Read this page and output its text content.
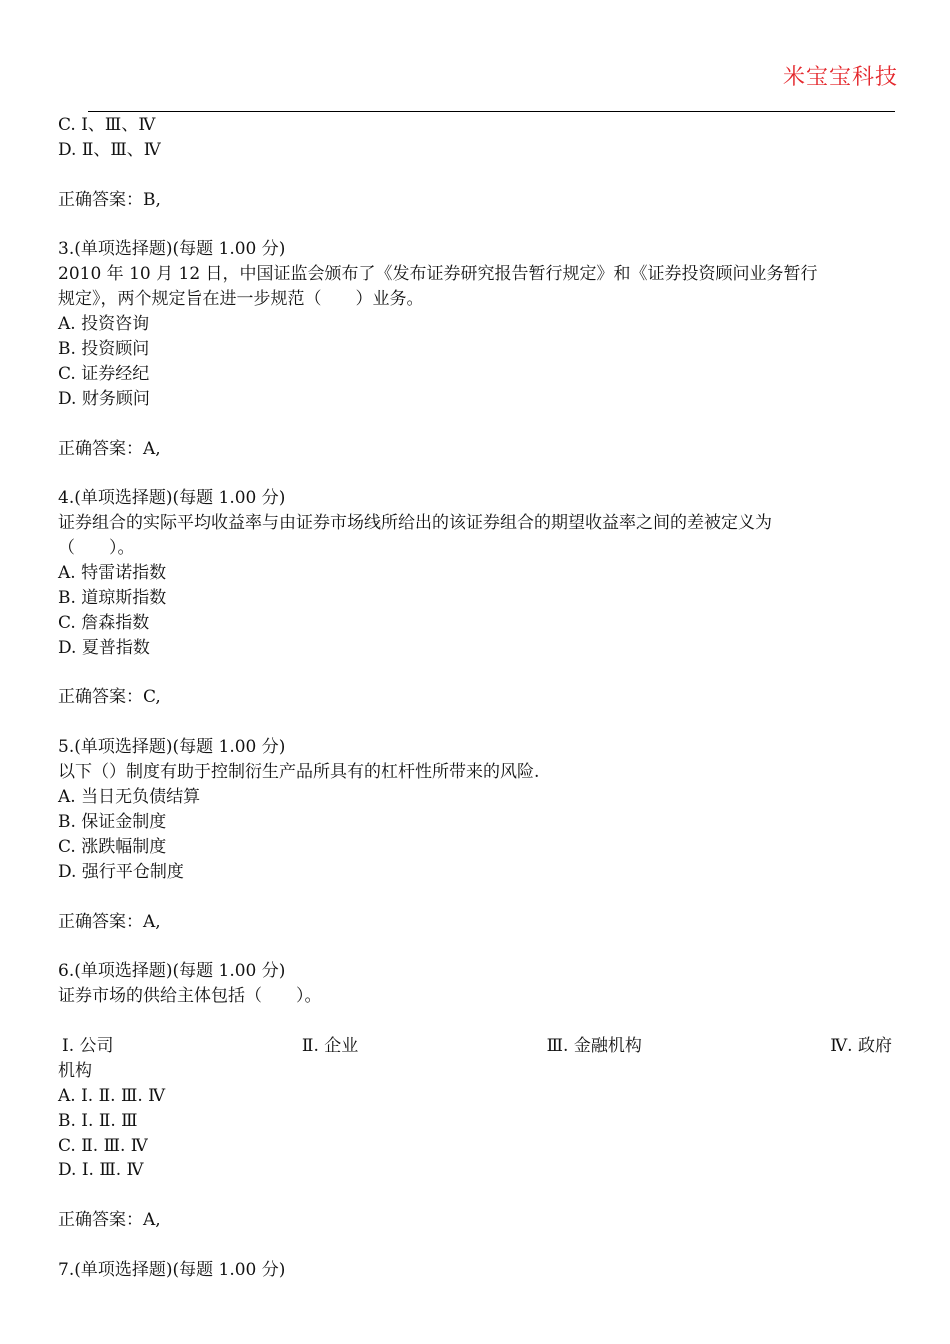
米宝宝科技
C. Ⅰ、Ⅲ、Ⅳ
D. Ⅱ、Ⅲ、Ⅳ
正确答案：B,
3.(单项选择题)(每题 1.00 分)
2010 年 10 月 12 日，中国证监会颁布了《发布证券研究报告暂行规定》和《证券投资顾问业务暂行
规定》，两个规定旨在进一步规范（　　）业务。
A. 投资咨询
B. 投资顾问
C. 证券经纪
D. 财务顾问
正确答案：A,
4.(单项选择题)(每题 1.00 分)
证券组合的实际平均收益率与由证券市场线所给出的该证券组合的期望收益率之间的差被定义为
（　　）。
A. 特雷诺指数
B. 道琼斯指数
C. 詹森指数
D. 夏普指数
正确答案：C,
5.(单项选择题)(每题 1.00 分)
以下（）制度有助于控制衍生产品所具有的杠杆性所带来的风险.
A. 当日无负债结算
B. 保证金制度
C. 涨跌幅制度
D. 强行平仓制度
正确答案：A,
6.(单项选择题)(每题 1.00 分)
证券市场的供给主体包括（　　）。
Ⅰ. 公司	Ⅱ. 企业	Ⅲ. 金融机构	Ⅳ. 政府
机构
A. Ⅰ. Ⅱ. Ⅲ. Ⅳ
B. Ⅰ. Ⅱ. Ⅲ
C. Ⅱ. Ⅲ. Ⅳ
D. Ⅰ. Ⅲ. Ⅳ
正确答案：A,
7.(单项选择题)(每题 1.00 分)
